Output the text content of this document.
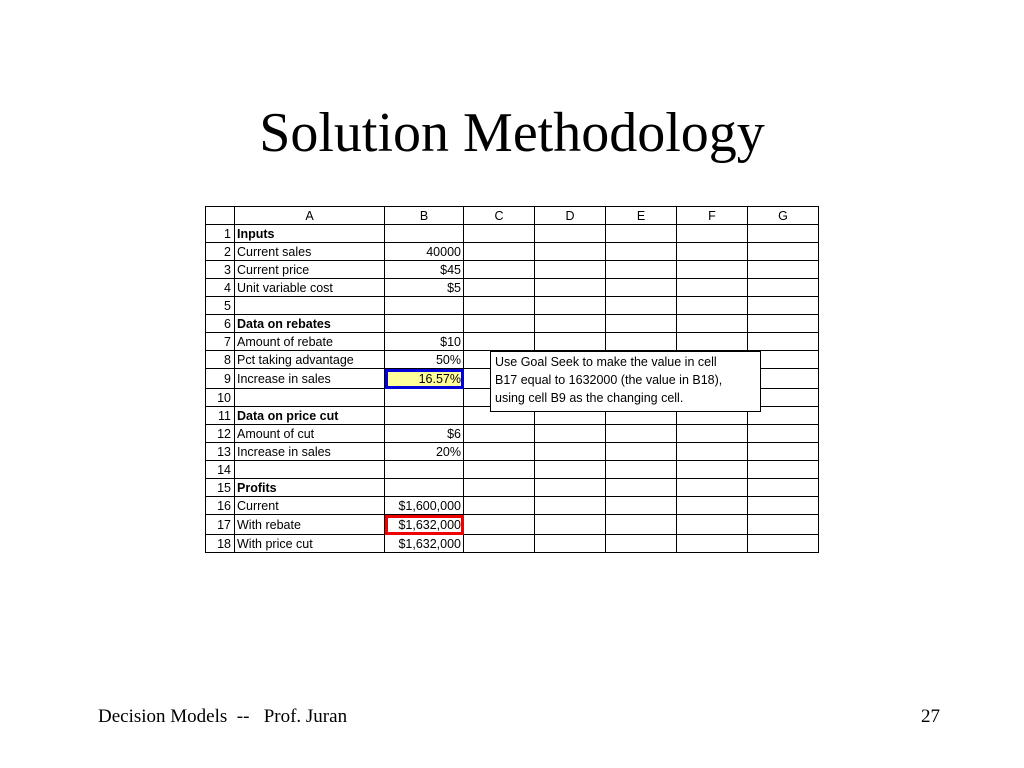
Solution Methodology
	A	B	C	D	E	F	G
1	Inputs						
2	Current sales	40000					
3	Current price	$45					
4	Unit variable cost	$5					
5							
6	Data on rebates						
7	Amount of rebate	$10					
8	Pct taking advantage	50%					
9	Increase in sales	16.57%					
10							
11	Data on price cut						
12	Amount of cut	$6					
13	Increase in sales	20%					
14							
15	Profits						
16	Current	$1,600,000					
17	With rebate	$1,632,000					
18	With price cut	$1,632,000					
Use Goal Seek to make the value in cell
B17 equal to 1632000 (the value in B18),
using cell B9 as the changing cell.
Decision Models  --   Prof. Juran	27
